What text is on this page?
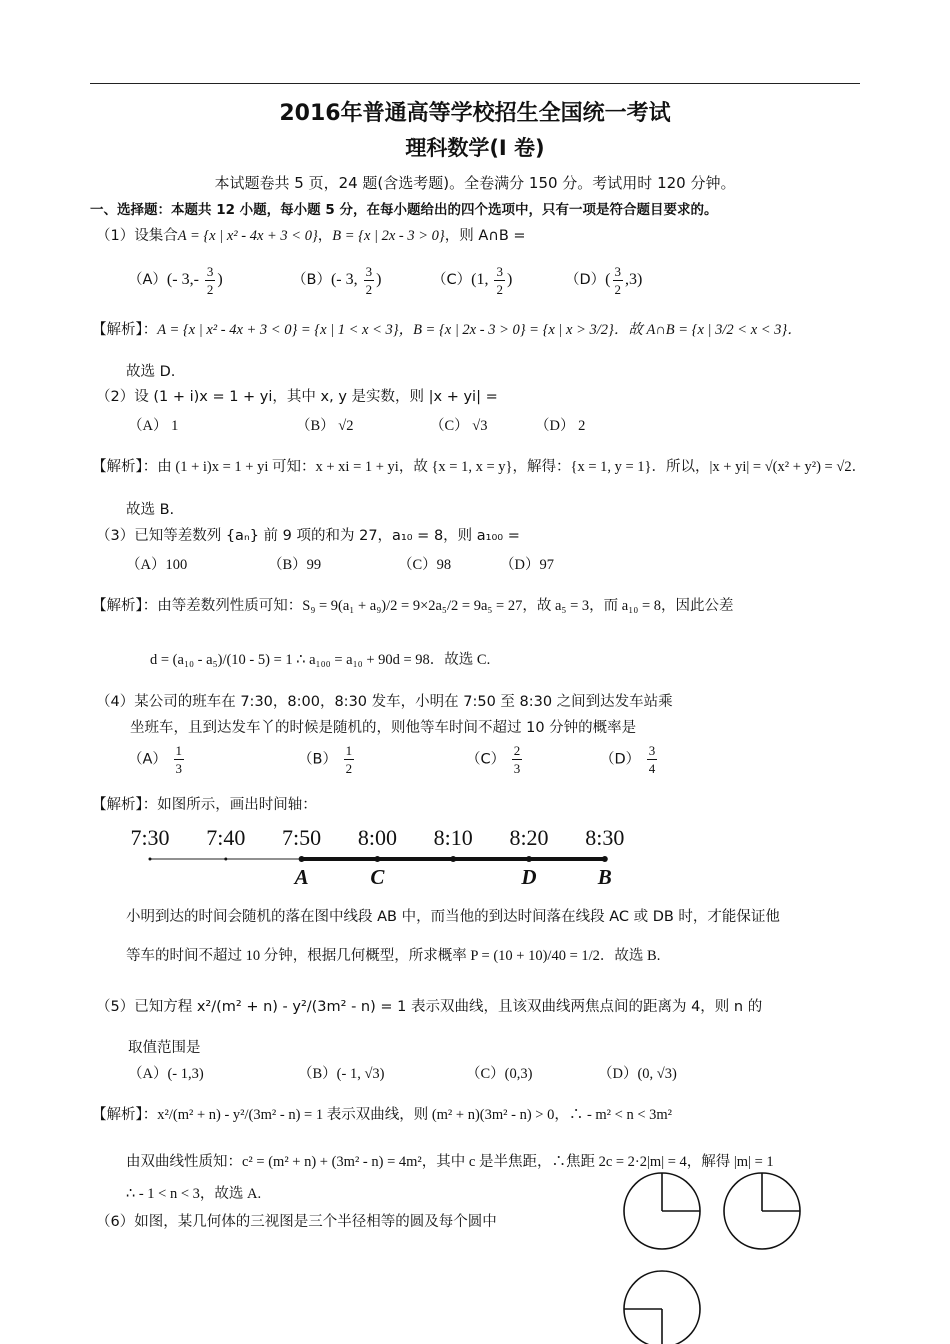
2016年普通高等学校招生全国统一考试
理科数学(I 卷)
本试题卷共 5 页，24 题(含选考题)。全卷满分 150 分。考试用时 120 分钟。
一、选择题：本题共 12 小题，每小题 5 分，在每小题给出的四个选项中，只有一项是符合题目要求的。
（1）设集合A = {x | x² - 4x + 3 < 0}，B = {x | 2x - 3 > 0}，则 A∩B =
（A）(- $3,- \frac{3}{2}$ )	（B）(- 3, $\frac{3}{2}$ )	（C）(1, $\frac{3}{2}$ )	$(D)( \frac{3}{2} ,3)$
【解析】：A = {x | x² - 4x + 3 < 0} = {x | 1 < x < 3}，B = {x | 2x - 3 > 0} = {x | x > 3/2}．故 A∩B = {x | 3/2 < x < 3}．
故选 D.
（2）设 (1 + i)x = 1 + yi，其中 x, y 是实数，则 |x + yi| =
（A） 1	（B） √2	（C） √3	（D） 2
【解析】：由 (1 + i)x = 1 + yi 可知：x + xi = 1 + yi，故 {x = 1, x = y}，解得：{x = 1, y = 1}．所以，|x + yi| = √(x² + y²) = √2．
故选 B.
（3）已知等差数列 {aₙ} 前 9 项的和为 27，a₁₀ = 8，则 a₁₀₀ =
（A）100	（B）99	（C）98	（D）97
【解析】：由等差数列性质可知：S₉ = 9(a₁ + a₉)/2 = 9×2a₅/2 = 9a₅ = 27，故 a₅ = 3，而 a₁₀ = 8，因此公差
d = (a₁₀ - a₅)/(10 - 5) = 1 ∴ a₁₀₀ = a₁₀ + 90d = 98．故选 C.
（4）某公司的班车在 7:30，8:00，8:30 发车，小明在 7:50 至 8:30 之间到达发车站乘
坐班车，且到达发车丫的时候是随机的，则他等车时间不超过 10 分钟的概率是
$(A) \frac{1}{3}$	$(B) \frac{1}{2}$	$(C) \frac{2}{3}$	$(D) \frac{3}{4}$
【解析】：如图所示，画出时间轴：
7:30 7:40 7:50 8:00 8:10 8:20 8:30
A	C	D	B
小明到达的时间会随机的落在图中线段 AB 中，而当他的到达时间落在线段 AC 或 DB 时，才能保证他
等车的时间不超过 10 分钟，根据几何概型，所求概率 P = (10 + 10)/40 = 1/2．故选 B.
（5）已知方程 x²/(m² + n) - y²/(3m² - n) = 1 表示双曲线，且该双曲线两焦点间的距离为 4，则 n 的
取值范围是
（A）(- 1,3)	（B）(- 1, √3)	（C）(0,3)	（D）(0, √3)
【解析】：x²/(m² + n) - y²/(3m² - n) = 1 表示双曲线，则 (m² + n)(3m² - n) > 0，∴ - m² < n < 3m²
由双曲线性质知：c² = (m² + n) + (3m² - n) = 4m²，其中 c 是半焦距，∴焦距 2c = 2·2|m| = 4，解得 |m| = 1
∴ - 1 < n < 3，故选 A.
（6）如图，某几何体的三视图是三个半径相等的圆及每个圆中
